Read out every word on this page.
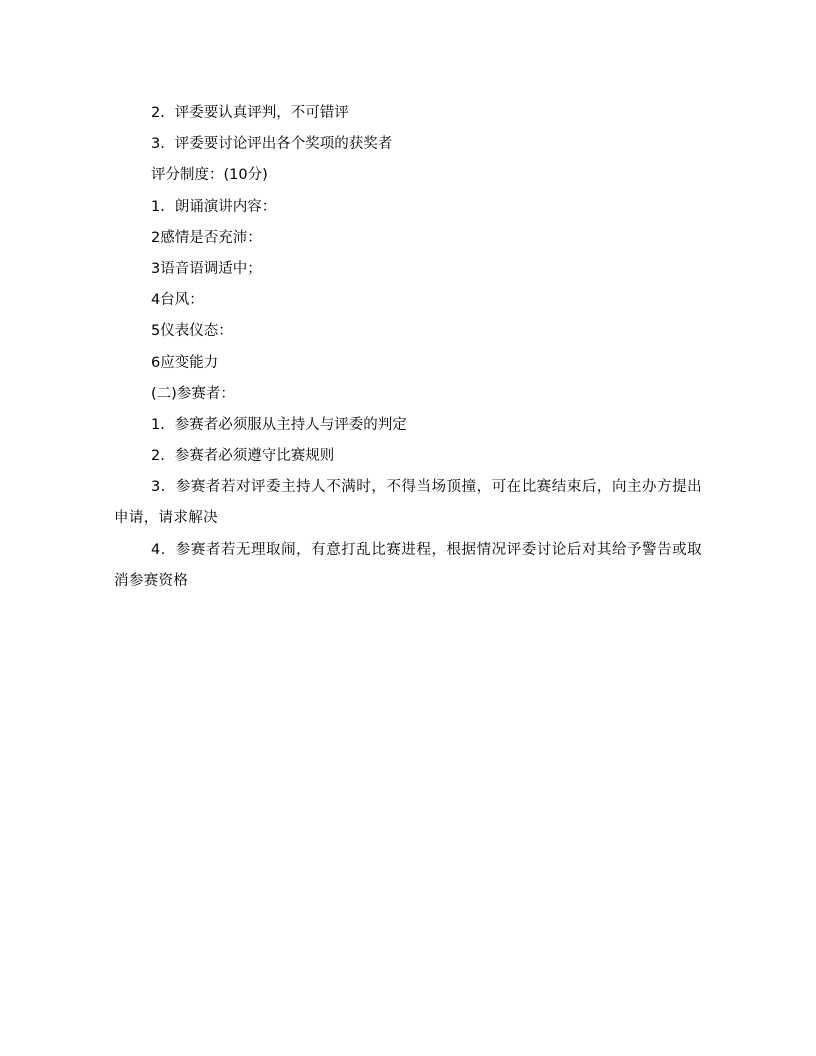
2．评委要认真评判，不可错评
3．评委要讨论评出各个奖项的获奖者
评分制度：(10分)
1．朗诵演讲内容：
2感情是否充沛：
3语音语调适中；
4台风：
5仪表仪态：
6应变能力
(二)参赛者：
1．参赛者必须服从主持人与评委的判定
2．参赛者必须遵守比赛规则

3．参赛者若对评委主持人不满时，不得当场顶撞，可在比赛结束后，向主办方提出申请，请求解决

4．参赛者若无理取闹，有意打乱比赛进程，根据情况评委讨论后对其给予警告或取消参赛资格
